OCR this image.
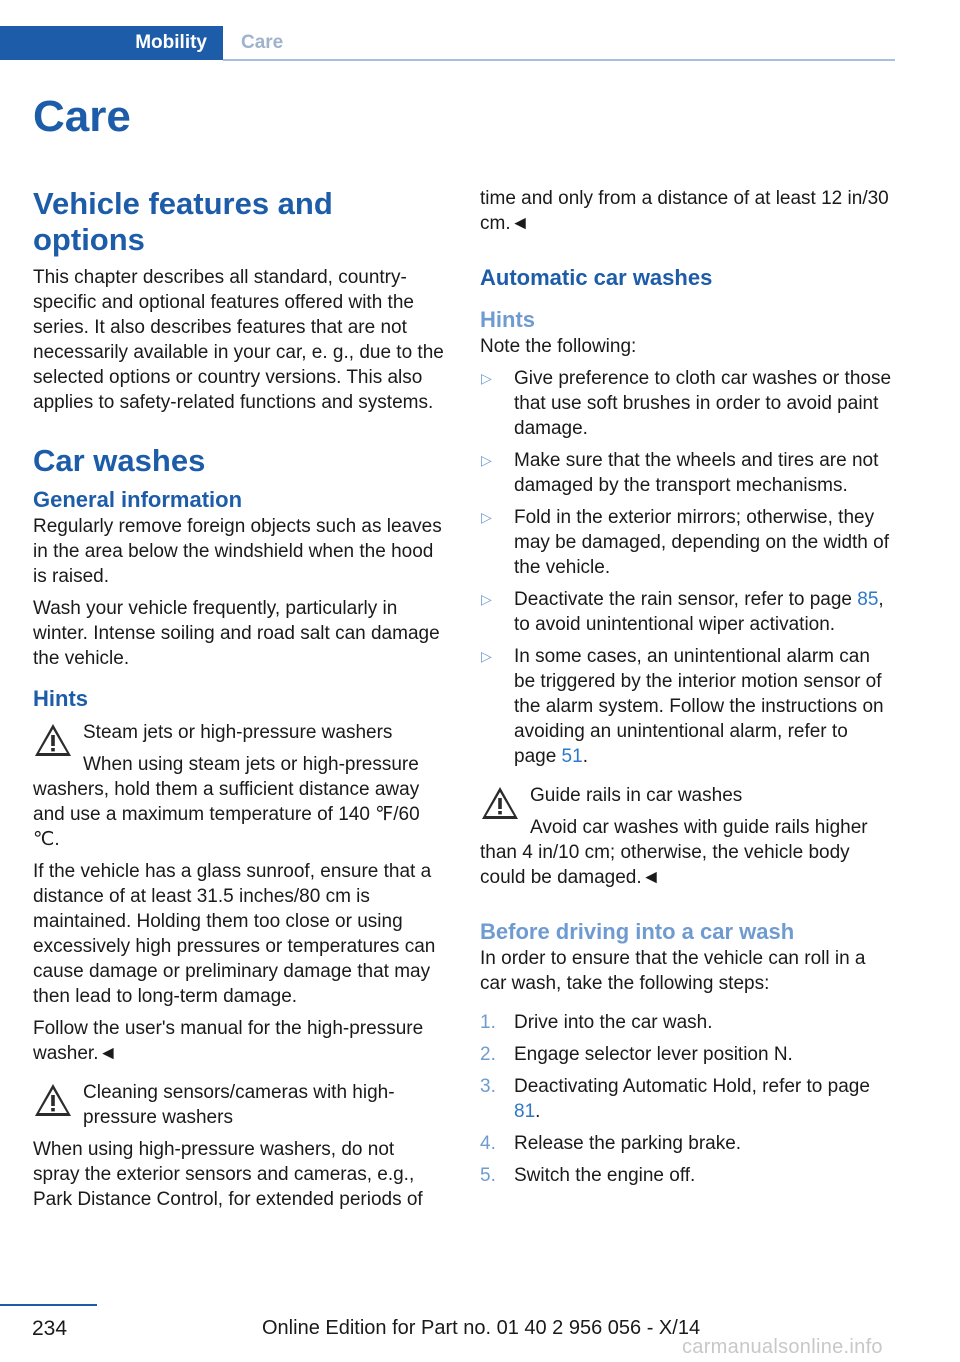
Mobility	Care
Care
Vehicle features and options

This chapter describes all standard, country-specific and optional features offered with the series. It also describes features that are not necessarily available in your car, e. g., due to the selected options or country versions. This also applies to safety-related functions and systems.

Car washes
General information

Regularly remove foreign objects such as leaves in the area below the windshield when the hood is raised.

Wash your vehicle frequently, particularly in winter. Intense soiling and road salt can damage the vehicle.

Hints

Steam jets or high-pressure washers

When using steam jets or high-pressure

washers, hold them a sufficient distance away and use a maximum temperature of 140 ℉/60 ℃.

If the vehicle has a glass sunroof, ensure that a distance of at least 31.5 inches/80 cm is maintained. Holding them too close or using excessively high pressures or temperatures can cause damage or preliminary damage that may then lead to long-term damage.

Follow the user's manual for the high-pressure washer.◄

Cleaning sensors/cameras with high-pressure washers

When using high-pressure washers, do not spray the exterior sensors and cameras, e.g., Park Distance Control, for extended periods of

time and only from a distance of at least 12 in/30 cm.◄

Automatic car washes
Hints

Note the following:

▷ Give preference to cloth car washes or those that use soft brushes in order to avoid paint damage.
▷ Make sure that the wheels and tires are not damaged by the transport mechanisms.
▷ Fold in the exterior mirrors; otherwise, they may be damaged, depending on the width of the vehicle.
▷ Deactivate the rain sensor, refer to page 85, to avoid unintentional wiper activation.
▷ In some cases, an unintentional alarm can be triggered by the interior motion sensor of the alarm system. Follow the instructions on avoiding an unintentional alarm, refer to page 51.

Guide rails in car washes

Avoid car washes with guide rails higher

than 4 in/10 cm; otherwise, the vehicle body could be damaged.◄

Before driving into a car wash

In order to ensure that the vehicle can roll in a car wash, take the following steps:

1. Drive into the car wash.
2. Engage selector lever position N.
3. Deactivating Automatic Hold, refer to page 81.
4. Release the parking brake.
5. Switch the engine off.
234	Online Edition for Part no. 01 40 2 956 056 - X/14
carmanualsonline.info
